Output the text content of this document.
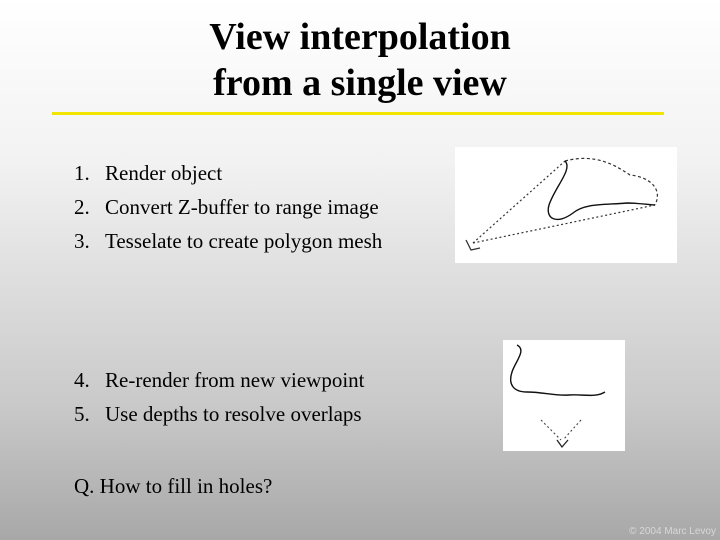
View interpolation
from a single view
1. Render object
2. Convert Z-buffer to range image
3. Tesselate to create polygon mesh
4. Re-render from new viewpoint
5. Use depths to resolve overlaps
Q. How to fill in holes?
© 2004 Marc Levoy
